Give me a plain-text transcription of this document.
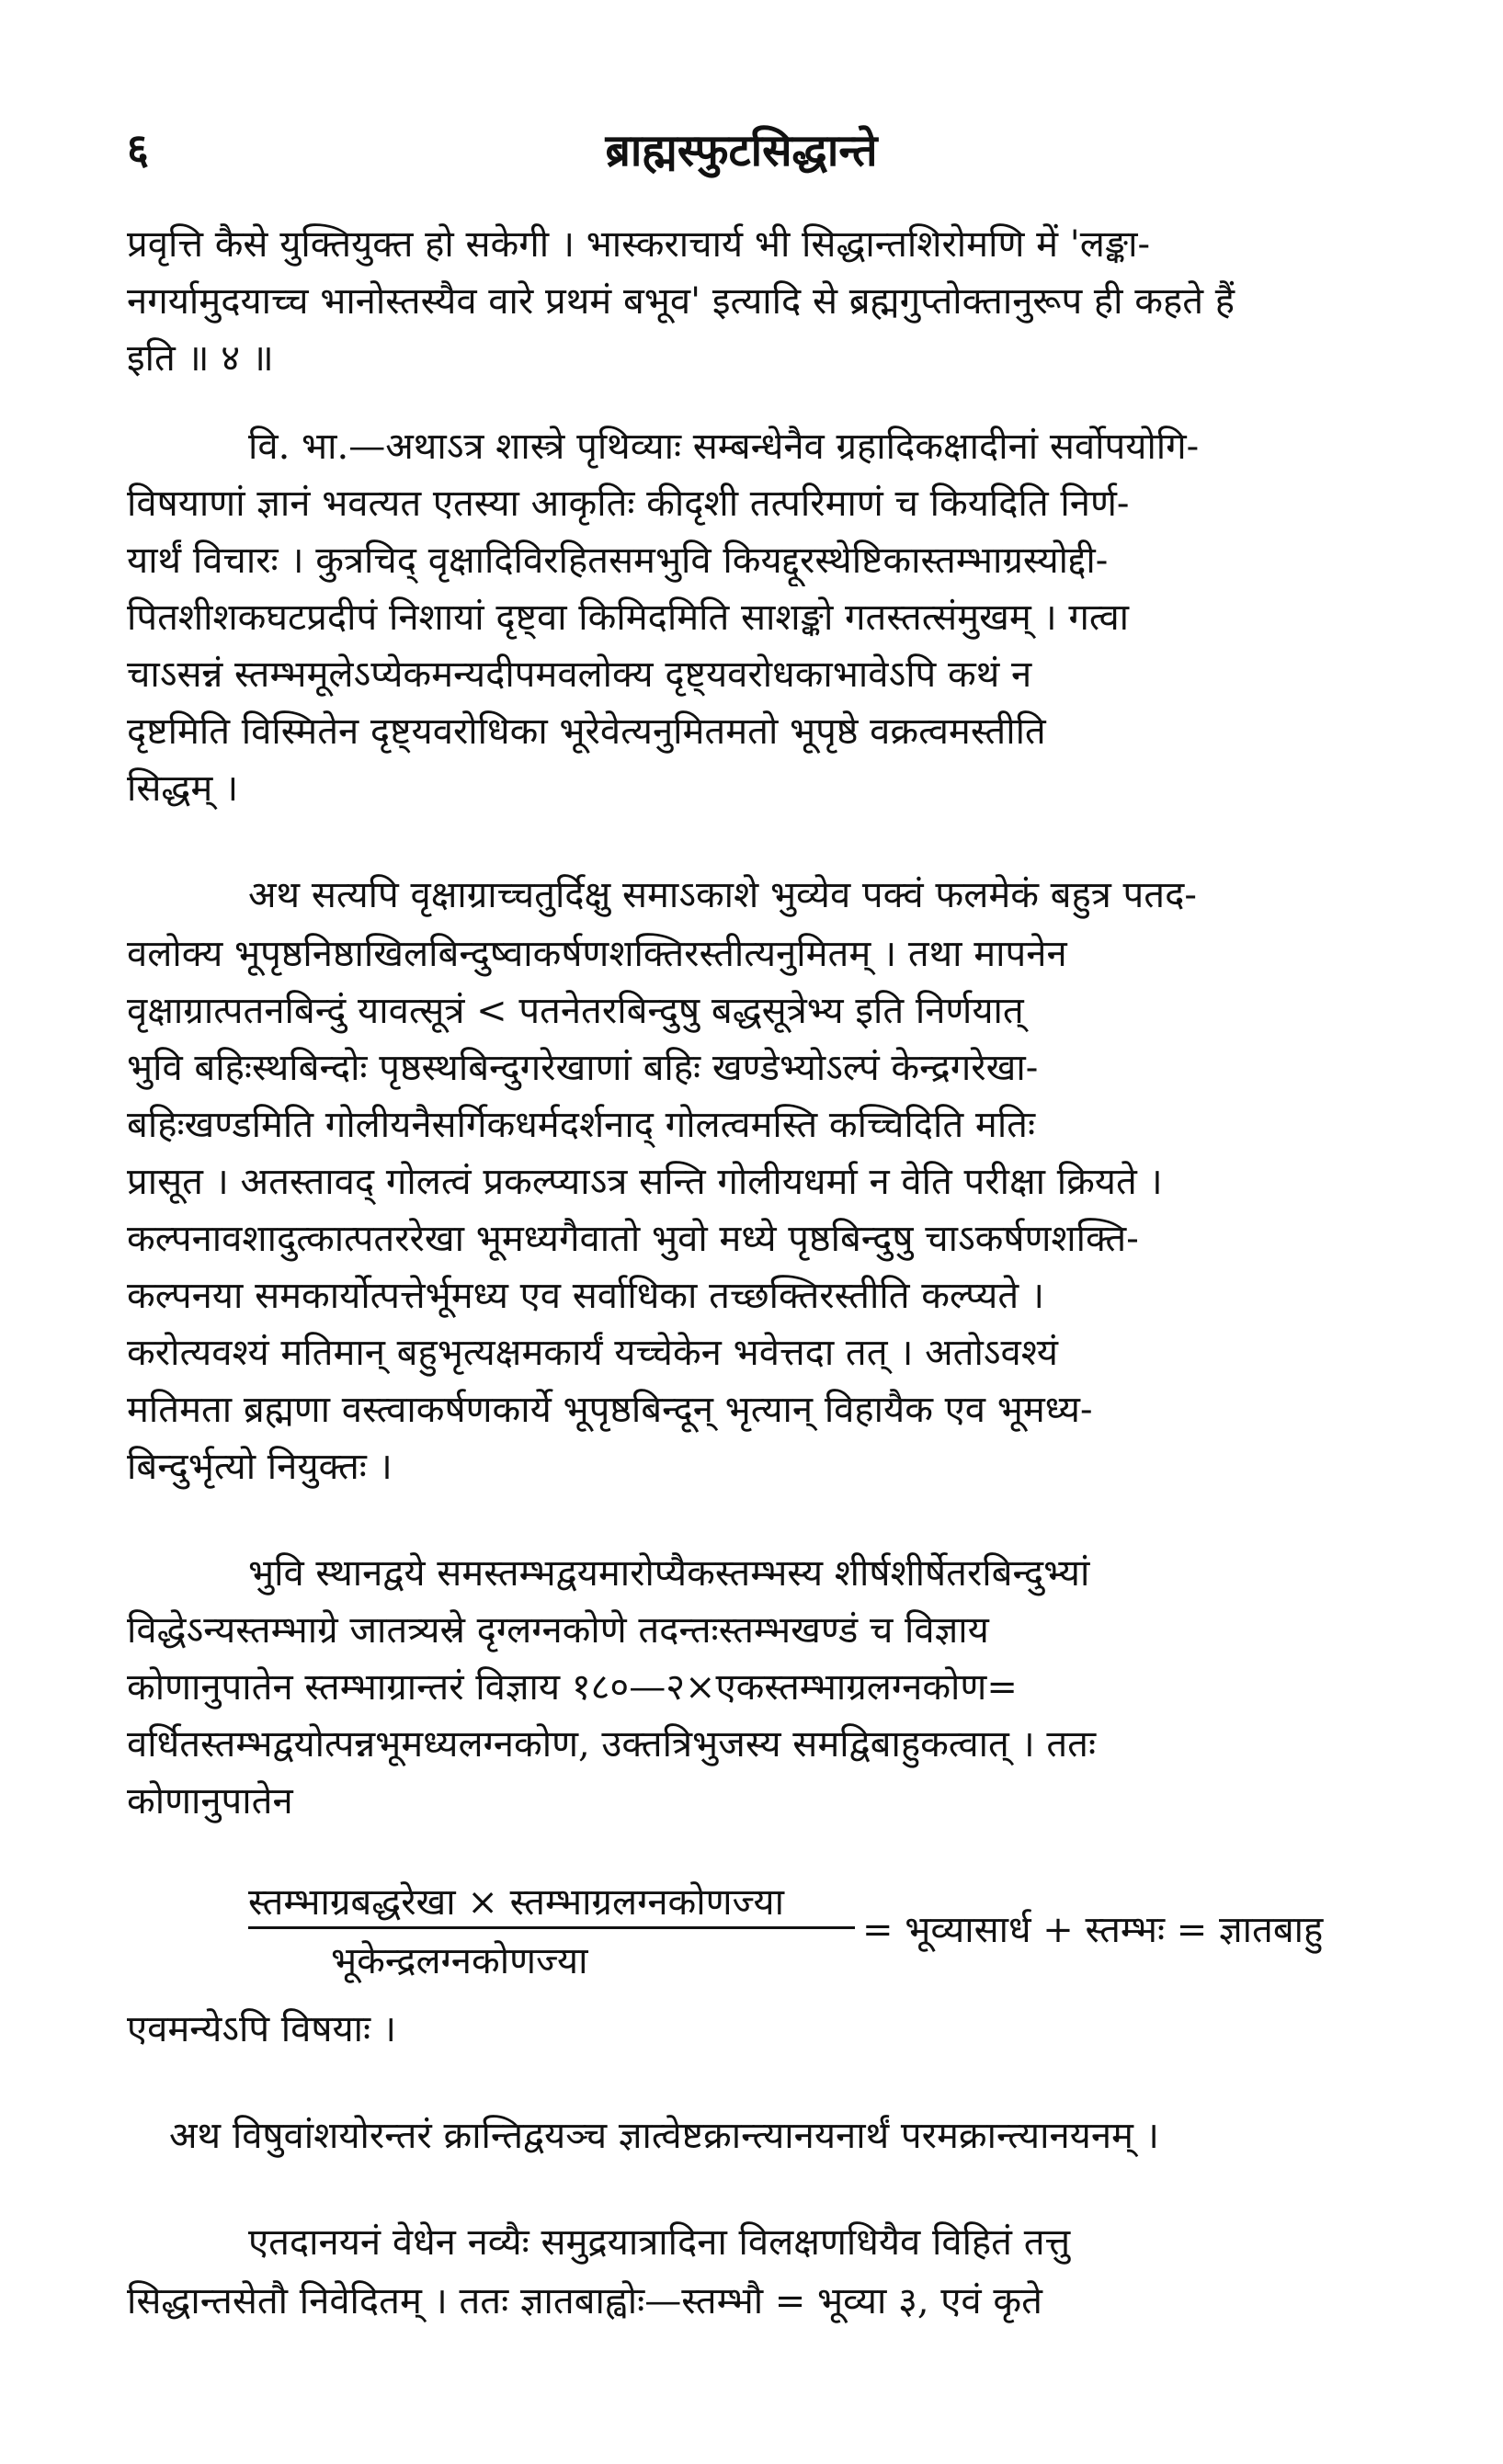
६	ब्राह्मस्फुटसिद्धान्ते
प्रवृत्ति कैसे युक्तियुक्त हो सकेगी । भास्कराचार्य भी सिद्धान्तशिरोमणि में 'लङ्का-
नगर्यामुदयाच्च भानोस्तस्यैव वारे प्रथमं बभूव' इत्यादि से ब्रह्मगुप्तोक्तानुरूप ही कहते हैं
इति ॥ ४ ॥
वि. भा.—अथाऽत्र शास्त्रे पृथिव्याः सम्बन्धेनैव ग्रहादिकक्षादीनां सर्वोपयोगि-
विषयाणां ज्ञानं भवत्यत एतस्या आकृतिः कीदृशी तत्परिमाणं च कियदिति निर्ण-
यार्थं विचारः । कुत्रचिद् वृक्षादिविरहितसमभुवि कियद्दूरस्थेष्टिकास्तम्भाग्रस्योद्दी-
पितशीशकघटप्रदीपं निशायां दृष्ट्वा किमिदमिति साशङ्को गतस्तत्संमुखम् । गत्वा
चाऽसन्नं स्तम्भमूलेऽप्येकमन्यदीपमवलोक्य दृष्ट्यवरोधकाभावेऽपि कथं न
दृष्टमिति विस्मितेन दृष्ट्यवरोधिका भूरेवेत्यनुमितमतो भूपृष्ठे वक्रत्वमस्तीति
सिद्धम् ।
अथ सत्यपि वृक्षाग्राच्चतुर्दिक्षु समाऽकाशे भुव्येव पक्वं फलमेकं बहुत्र पतद-
वलोक्य भूपृष्ठनिष्ठाखिलबिन्दुष्वाकर्षणशक्तिरस्तीत्यनुमितम् । तथा मापनेन
वृक्षाग्रात्पतनबिन्दुं यावत्सूत्रं < पतनेतरबिन्दुषु बद्धसूत्रेभ्य इति निर्णयात्
भुवि बहिःस्थबिन्दोः पृष्ठस्थबिन्दुगरेखाणां बहिः खण्डेभ्योऽल्पं केन्द्रगरेखा-
बहिःखण्डमिति गोलीयनैसर्गिकधर्मदर्शनाद् गोलत्वमस्ति कच्चिदिति मतिः
प्रासूत । अतस्तावद् गोलत्वं प्रकल्प्याऽत्र सन्ति गोलीयधर्मा न वेति परीक्षा क्रियते ।
कल्पनावशादुत्कात्पतररेखा भूमध्यगैवातो भुवो मध्ये पृष्ठबिन्दुषु चाऽकर्षणशक्ति-
कल्पनया समकार्योत्पत्तेर्भूमध्य एव सर्वाधिका तच्छक्तिरस्तीति कल्प्यते ।
करोत्यवश्यं मतिमान् बहुभृत्यक्षमकार्यं यच्चेकेन भवेत्तदा तत् । अतोऽवश्यं
मतिमता ब्रह्मणा वस्त्वाकर्षणकार्ये भूपृष्ठबिन्दून् भृत्यान् विहायैक एव भूमध्य-
बिन्दुर्भृत्यो नियुक्तः ।
भुवि स्थानद्वये समस्तम्भद्वयमारोप्यैकस्तम्भस्य शीर्षशीर्षेतरबिन्दुभ्यां
विद्धेऽन्यस्तम्भाग्रे जातत्र्यस्रे दृग्लग्नकोणे तदन्तःस्तम्भखण्डं च विज्ञाय
कोणानुपातेन स्तम्भाग्रान्तरं विज्ञाय १८०—२×एकस्तम्भाग्रलग्नकोण=
वर्धितस्तम्भद्वयोत्पन्नभूमध्यलग्नकोण, उक्तत्रिभुजस्य समद्विबाहुकत्वात् । ततः
कोणानुपातेन
स्तम्भाग्रबद्धरेखा × स्तम्भाग्रलग्नकोणज्या
भूकेन्द्रलग्नकोणज्या
= भूव्यासार्ध + स्तम्भः = ज्ञातबाहु
एवमन्येऽपि विषयाः ।
अथ विषुवांशयोरन्तरं क्रान्तिद्वयञ्च ज्ञात्वेष्टक्रान्त्यानयनार्थं परमक्रान्त्यानयनम् ।
एतदानयनं वेधेन नव्यैः समुद्रयात्रादिना विलक्षणधियैव विहितं तत्तु
सिद्धान्तसेतौ निवेदितम् । ततः ज्ञातबाह्वोः—स्तम्भौ = भूव्या ३, एवं कृते
